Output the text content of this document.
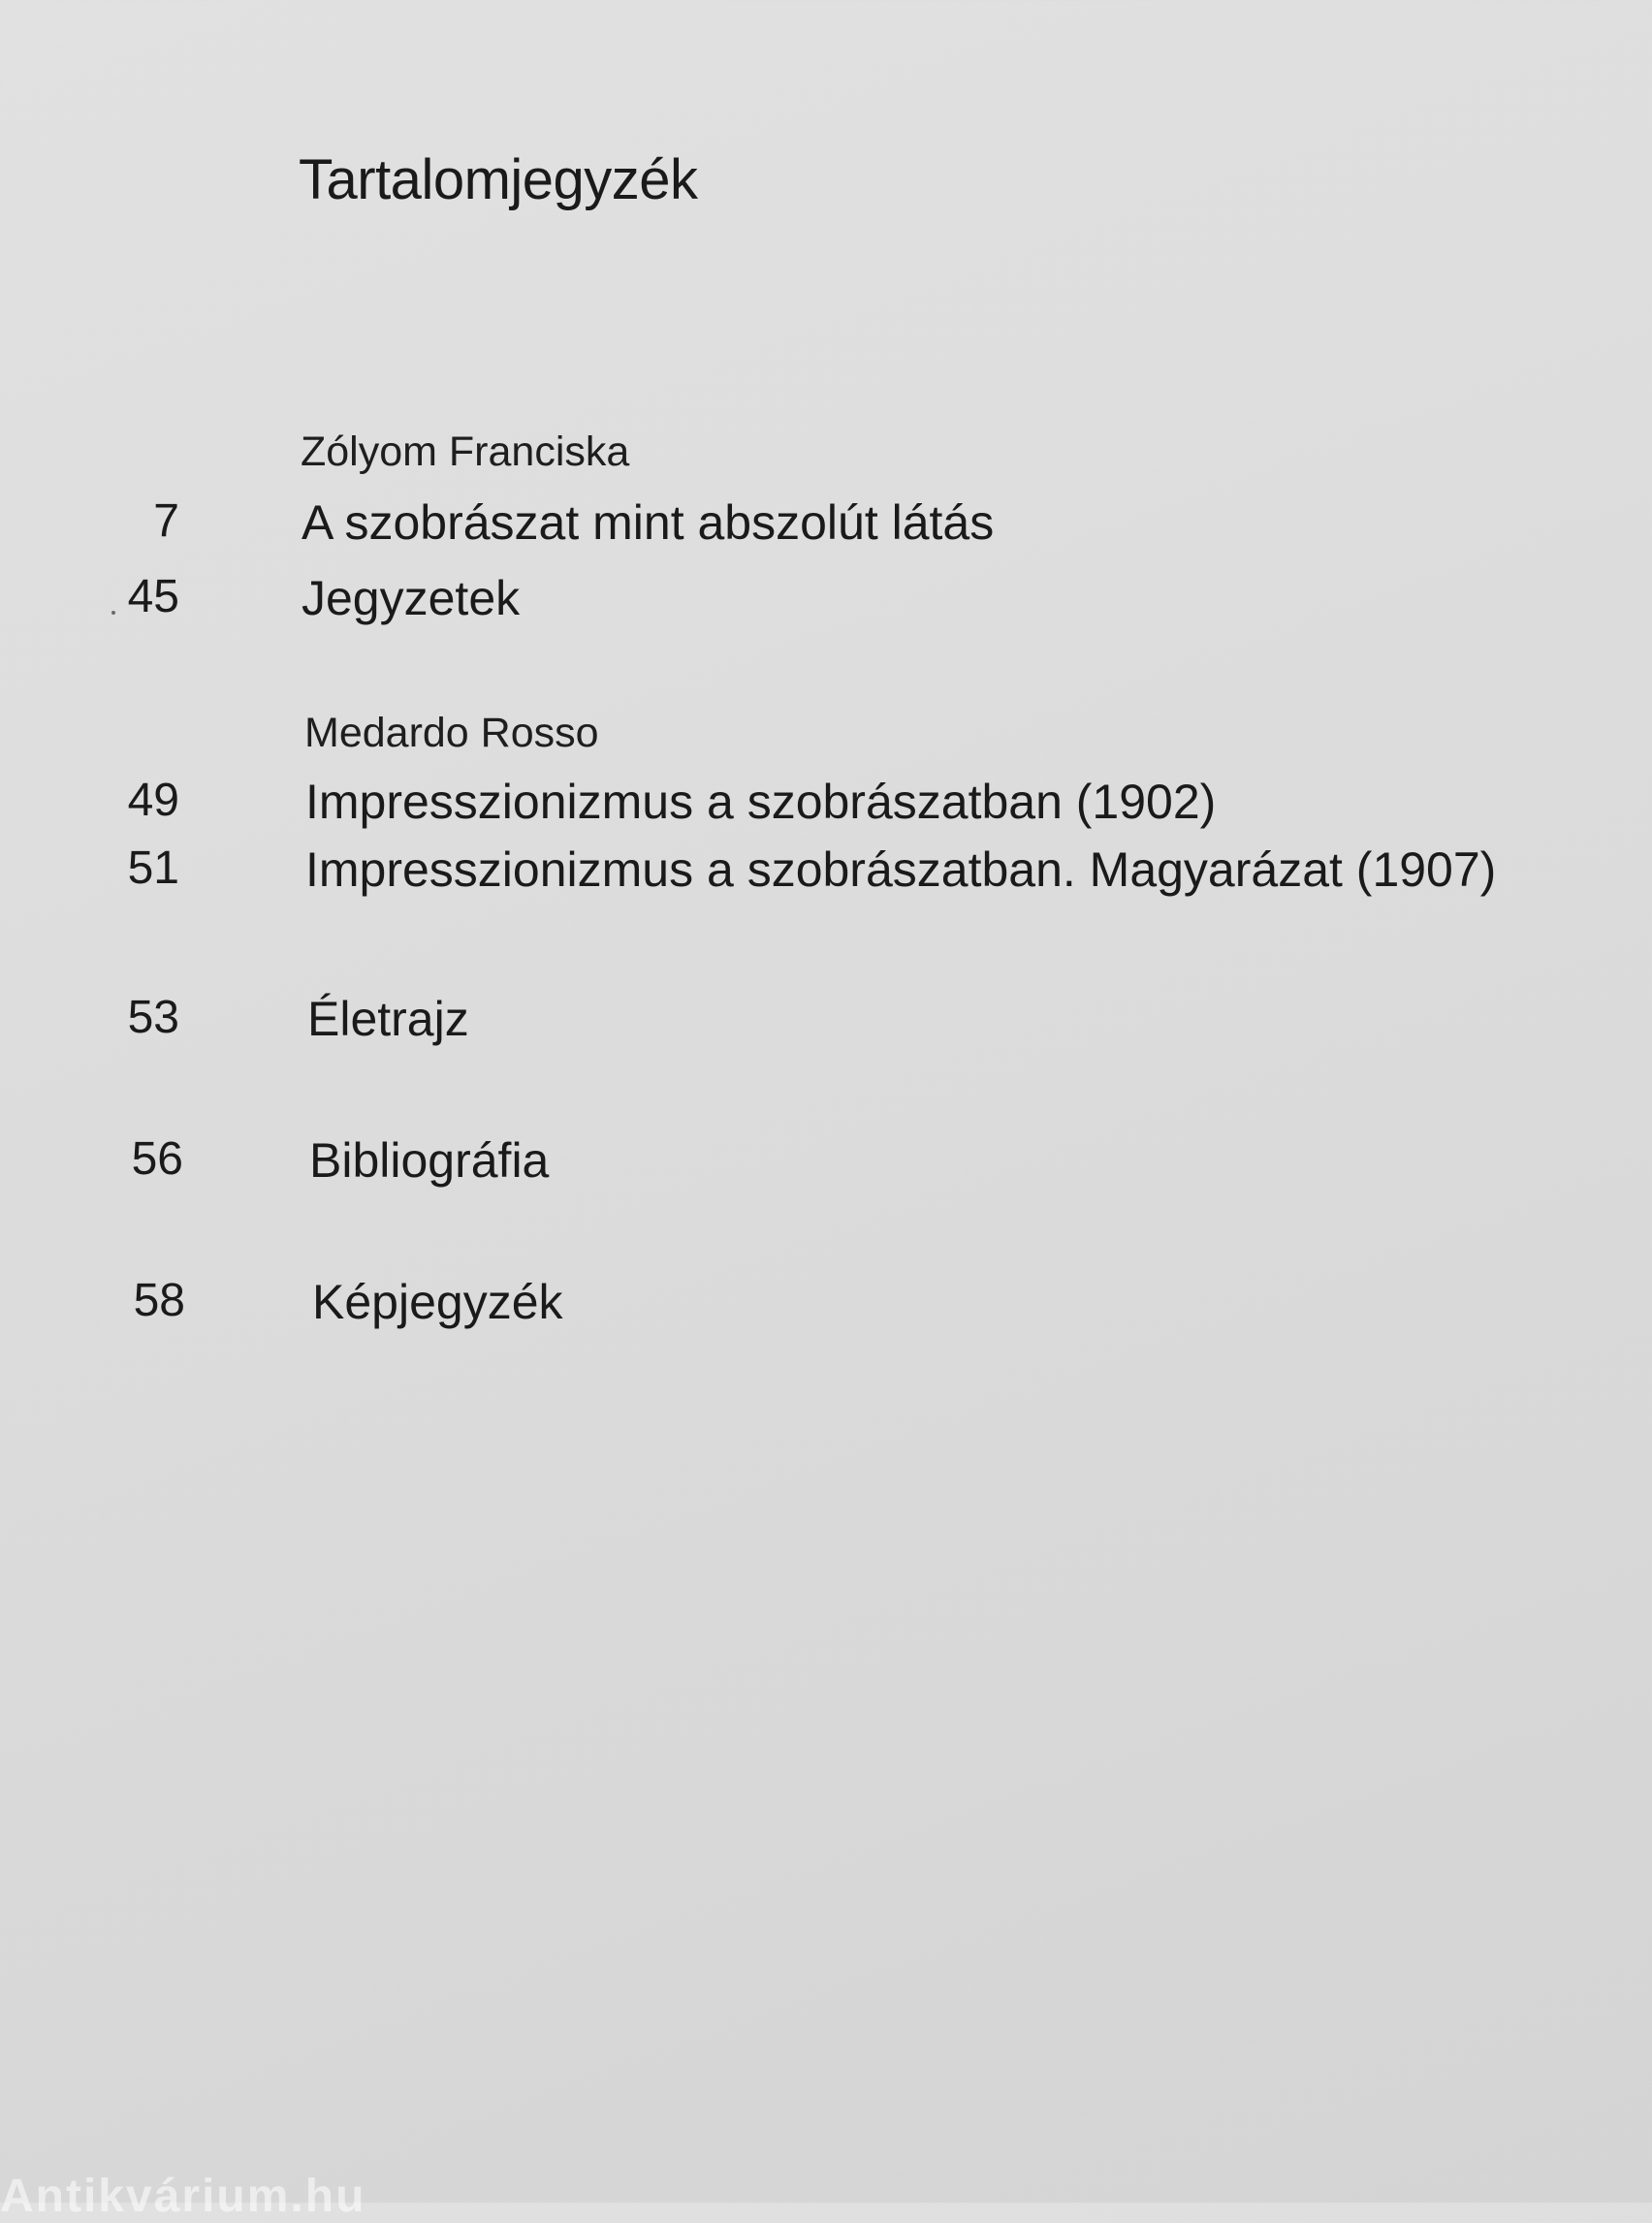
Tartalomjegyzék
Zólyom Franciska
7	A szobrászat mint abszolút látás
45	Jegyzetek
Medardo Rosso
49	Impresszionizmus a szobrászatban (1902)
51	Impresszionizmus a szobrászatban. Magyarázat (1907)
53	Életrajz
56	Bibliográfia
58	Képjegyzék
Antikvárium.hu
